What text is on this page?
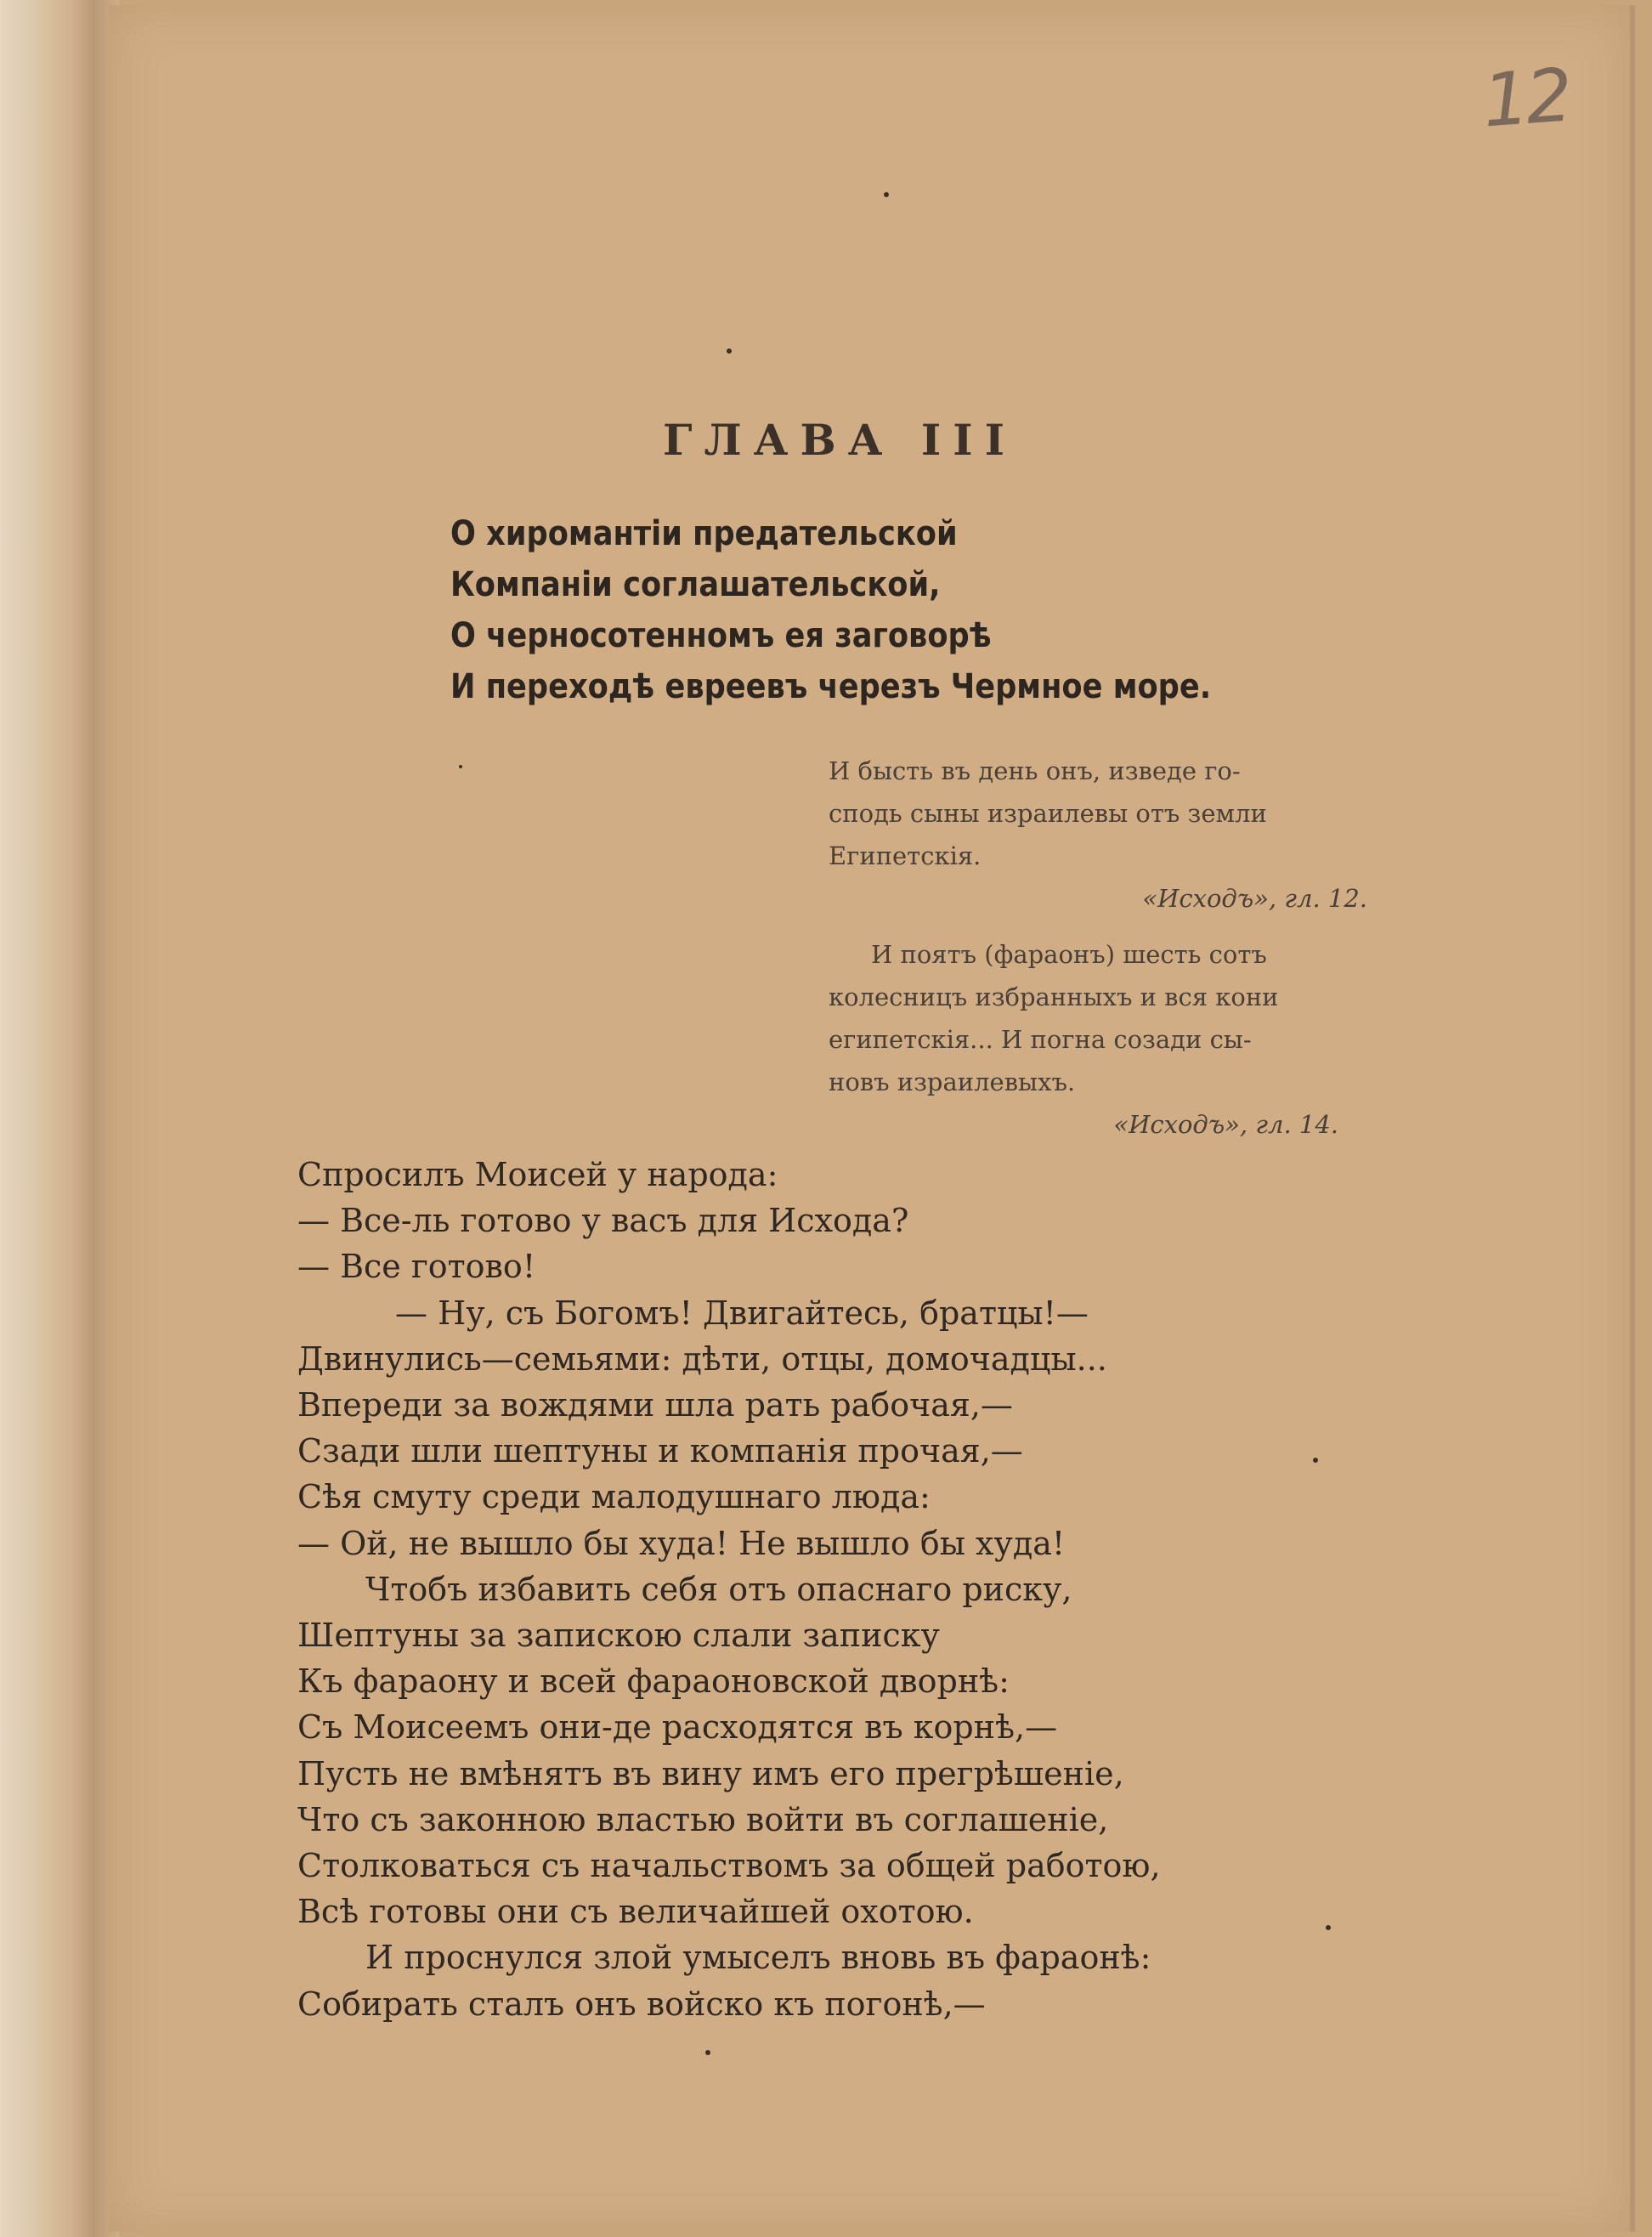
12
ГЛАВА III
О хиромантіи предательской
Компаніи соглашательской,
О черносотенномъ ея заговорѣ
И переходѣ евреевъ черезъ Чермное море.
И бысть въ день онъ, изведе го-
сподь сыны израилевы отъ земли
Египетскія.
«Исходъ», гл. 12.
И поятъ (фараонъ) шесть сотъ
колесницъ избранныхъ и вся кони
египетскія... И погна созади сы-
новъ израилевыхъ.
«Исходъ», гл. 14.
Спросилъ Моисей у народа:
— Все-ль готово у васъ для Исхода?
— Все готово!
— Ну, съ Богомъ! Двигайтесь, братцы!—
Двинулись—семьями: дѣти, отцы, домочадцы...
Впереди за вождями шла рать рабочая,—
Сзади шли шептуны и компанія прочая,—
Сѣя смуту среди малодушнаго люда:
— Ой, не вышло бы худа! Не вышло бы худа!
Чтобъ избавить себя отъ опаснаго риску,
Шептуны за запискою слали записку
Къ фараону и всей фараоновской дворнѣ:
Съ Моисеемъ они-де расходятся въ корнѣ,—
Пусть не вмѣнятъ въ вину имъ его прегрѣшеніе,
Что съ законною властью войти въ соглашеніе,
Столковаться съ начальствомъ за общей работою,
Всѣ готовы они съ величайшей охотою.
И проснулся злой умыселъ вновь въ фараонѣ:
Собирать сталъ онъ войско къ погонѣ,—
